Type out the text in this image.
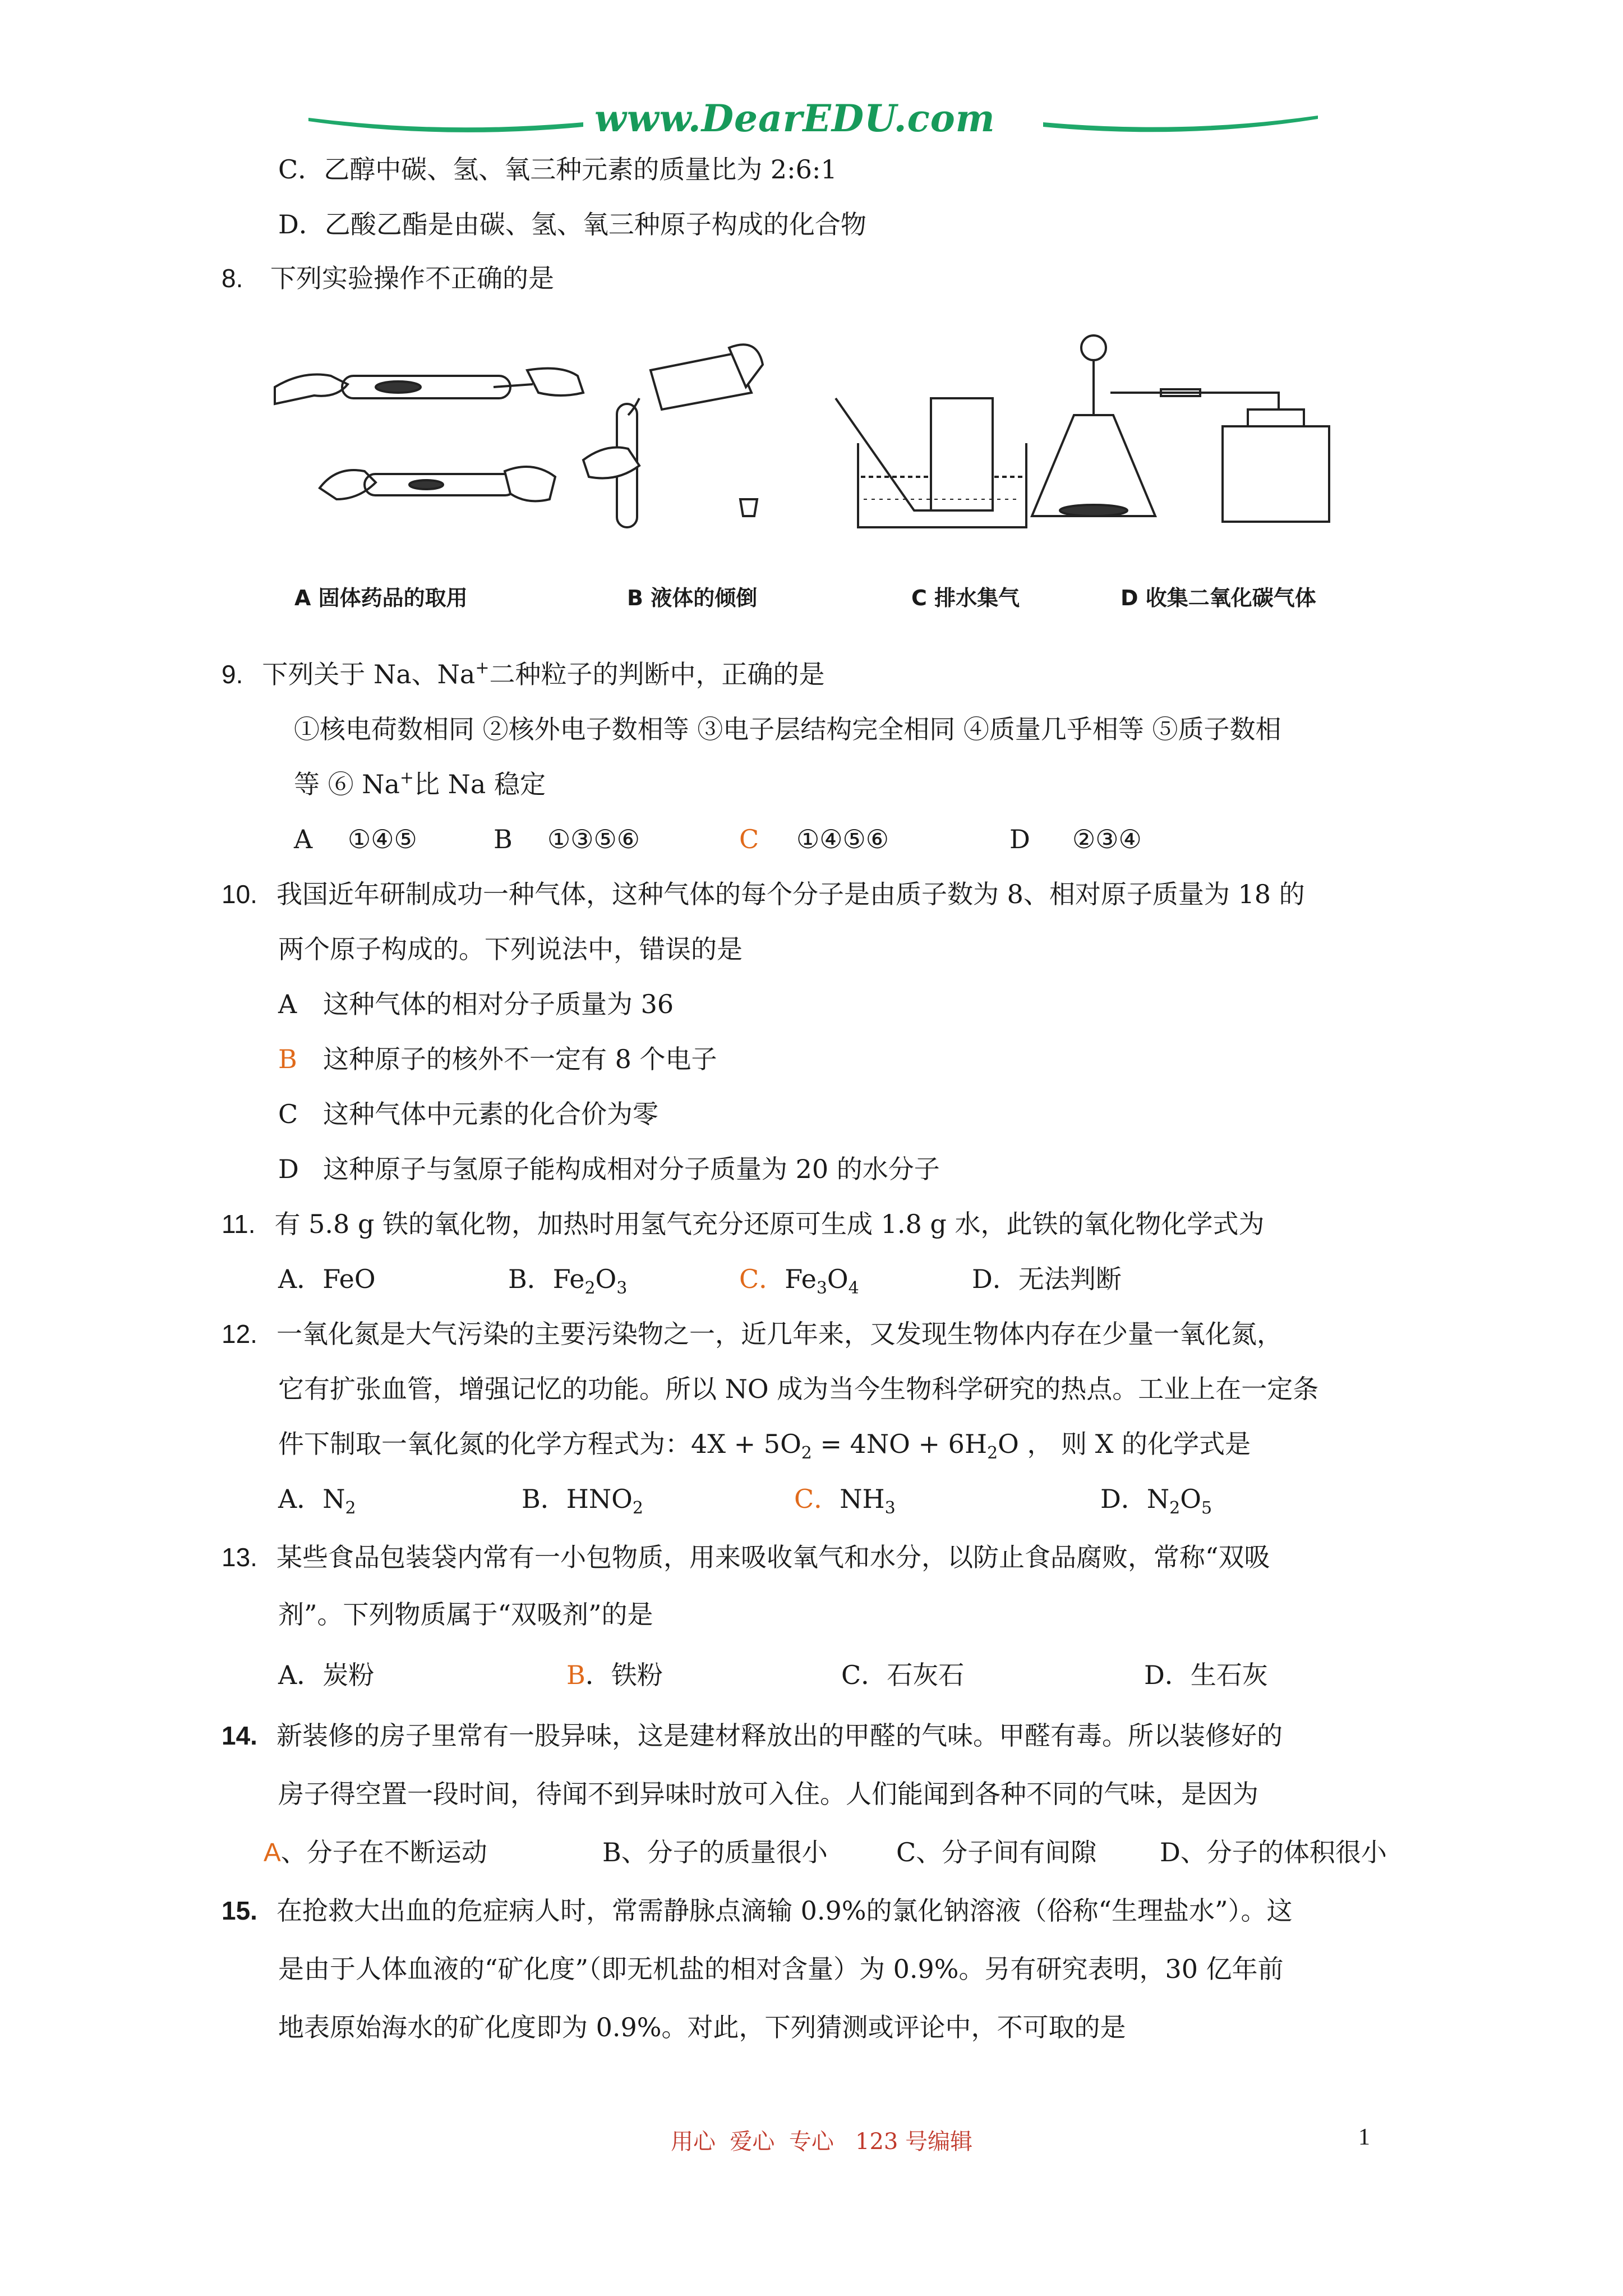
www.DearEDU.com
C．乙醇中碳、氢、氧三种元素的质量比为 2:6:1
D．乙酸乙酯是由碳、氢、氧三种原子构成的化合物
8. 下列实验操作不正确的是
A 固体药品的取用	B 液体的倾倒	C 排水集气	D 收集二氧化碳气体
9. 下列关于 Na、Na+二种粒子的判断中，正确的是
①核电荷数相同 ②核外电子数相等 ③电子层结构完全相同 ④质量几乎相等 ⑤质子数相
等 ⑥ Na+比 Na 稳定
A ①④⑤	B ①③⑤⑥	C ①④⑤⑥	D ②③④
10. 我国近年研制成功一种气体，这种气体的每个分子是由质子数为 8、相对原子质量为 18 的
两个原子构成的。下列说法中，错误的是
A 这种气体的相对分子质量为 36
B 这种原子的核外不一定有 8 个电子
C 这种气体中元素的化合价为零
D 这种原子与氢原子能构成相对分子质量为 20 的水分子
11. 有 5.8 g 铁的氧化物，加热时用氢气充分还原可生成 1.8 g 水，此铁的氧化物化学式为
A．FeO	B．$Fe_2O_3$	C．$Fe_3O_4$	D．无法判断
12. 一氧化氮是大气污染的主要污染物之一，近几年来，又发现生物体内存在少量一氧化氮，
它有扩张血管，增强记忆的功能。所以 NO 成为当今生物科学研究的热点。工业上在一定条
件下制取一氧化氮的化学方程式为：$4X + 5O_2 = 4NO + 6H_2O$ ， 则 X 的化学式是
A．$N_2$	B．$HNO_2$	C．$NH_3$	D．$N_2O_5$
13. 某些食品包装袋内常有一小包物质，用来吸收氧气和水分，以防止食品腐败，常称“双吸
剂”。下列物质属于“双吸剂”的是
A．炭粉	B．铁粉	C．石灰石	D．生石灰
14. 新装修的房子里常有一股异味，这是建材释放出的甲醛的气味。甲醛有毒。所以装修好的
房子得空置一段时间，待闻不到异味时放可入住。人们能闻到各种不同的气味，是因为
A、分子在不断运动	B、分子的质量很小	C、分子间有间隙 D、分子的体积很小
15. 在抢救大出血的危症病人时，常需静脉点滴输 0.9%的氯化钠溶液（俗称“生理盐水”）。这
是由于人体血液的“矿化度”（即无机盐的相对含量）为 0.9%。另有研究表明，30 亿年前
地表原始海水的矿化度即为 0.9%。对此，下列猜测或评论中，不可取的是
用心  爱心  专心   123 号编辑	1
